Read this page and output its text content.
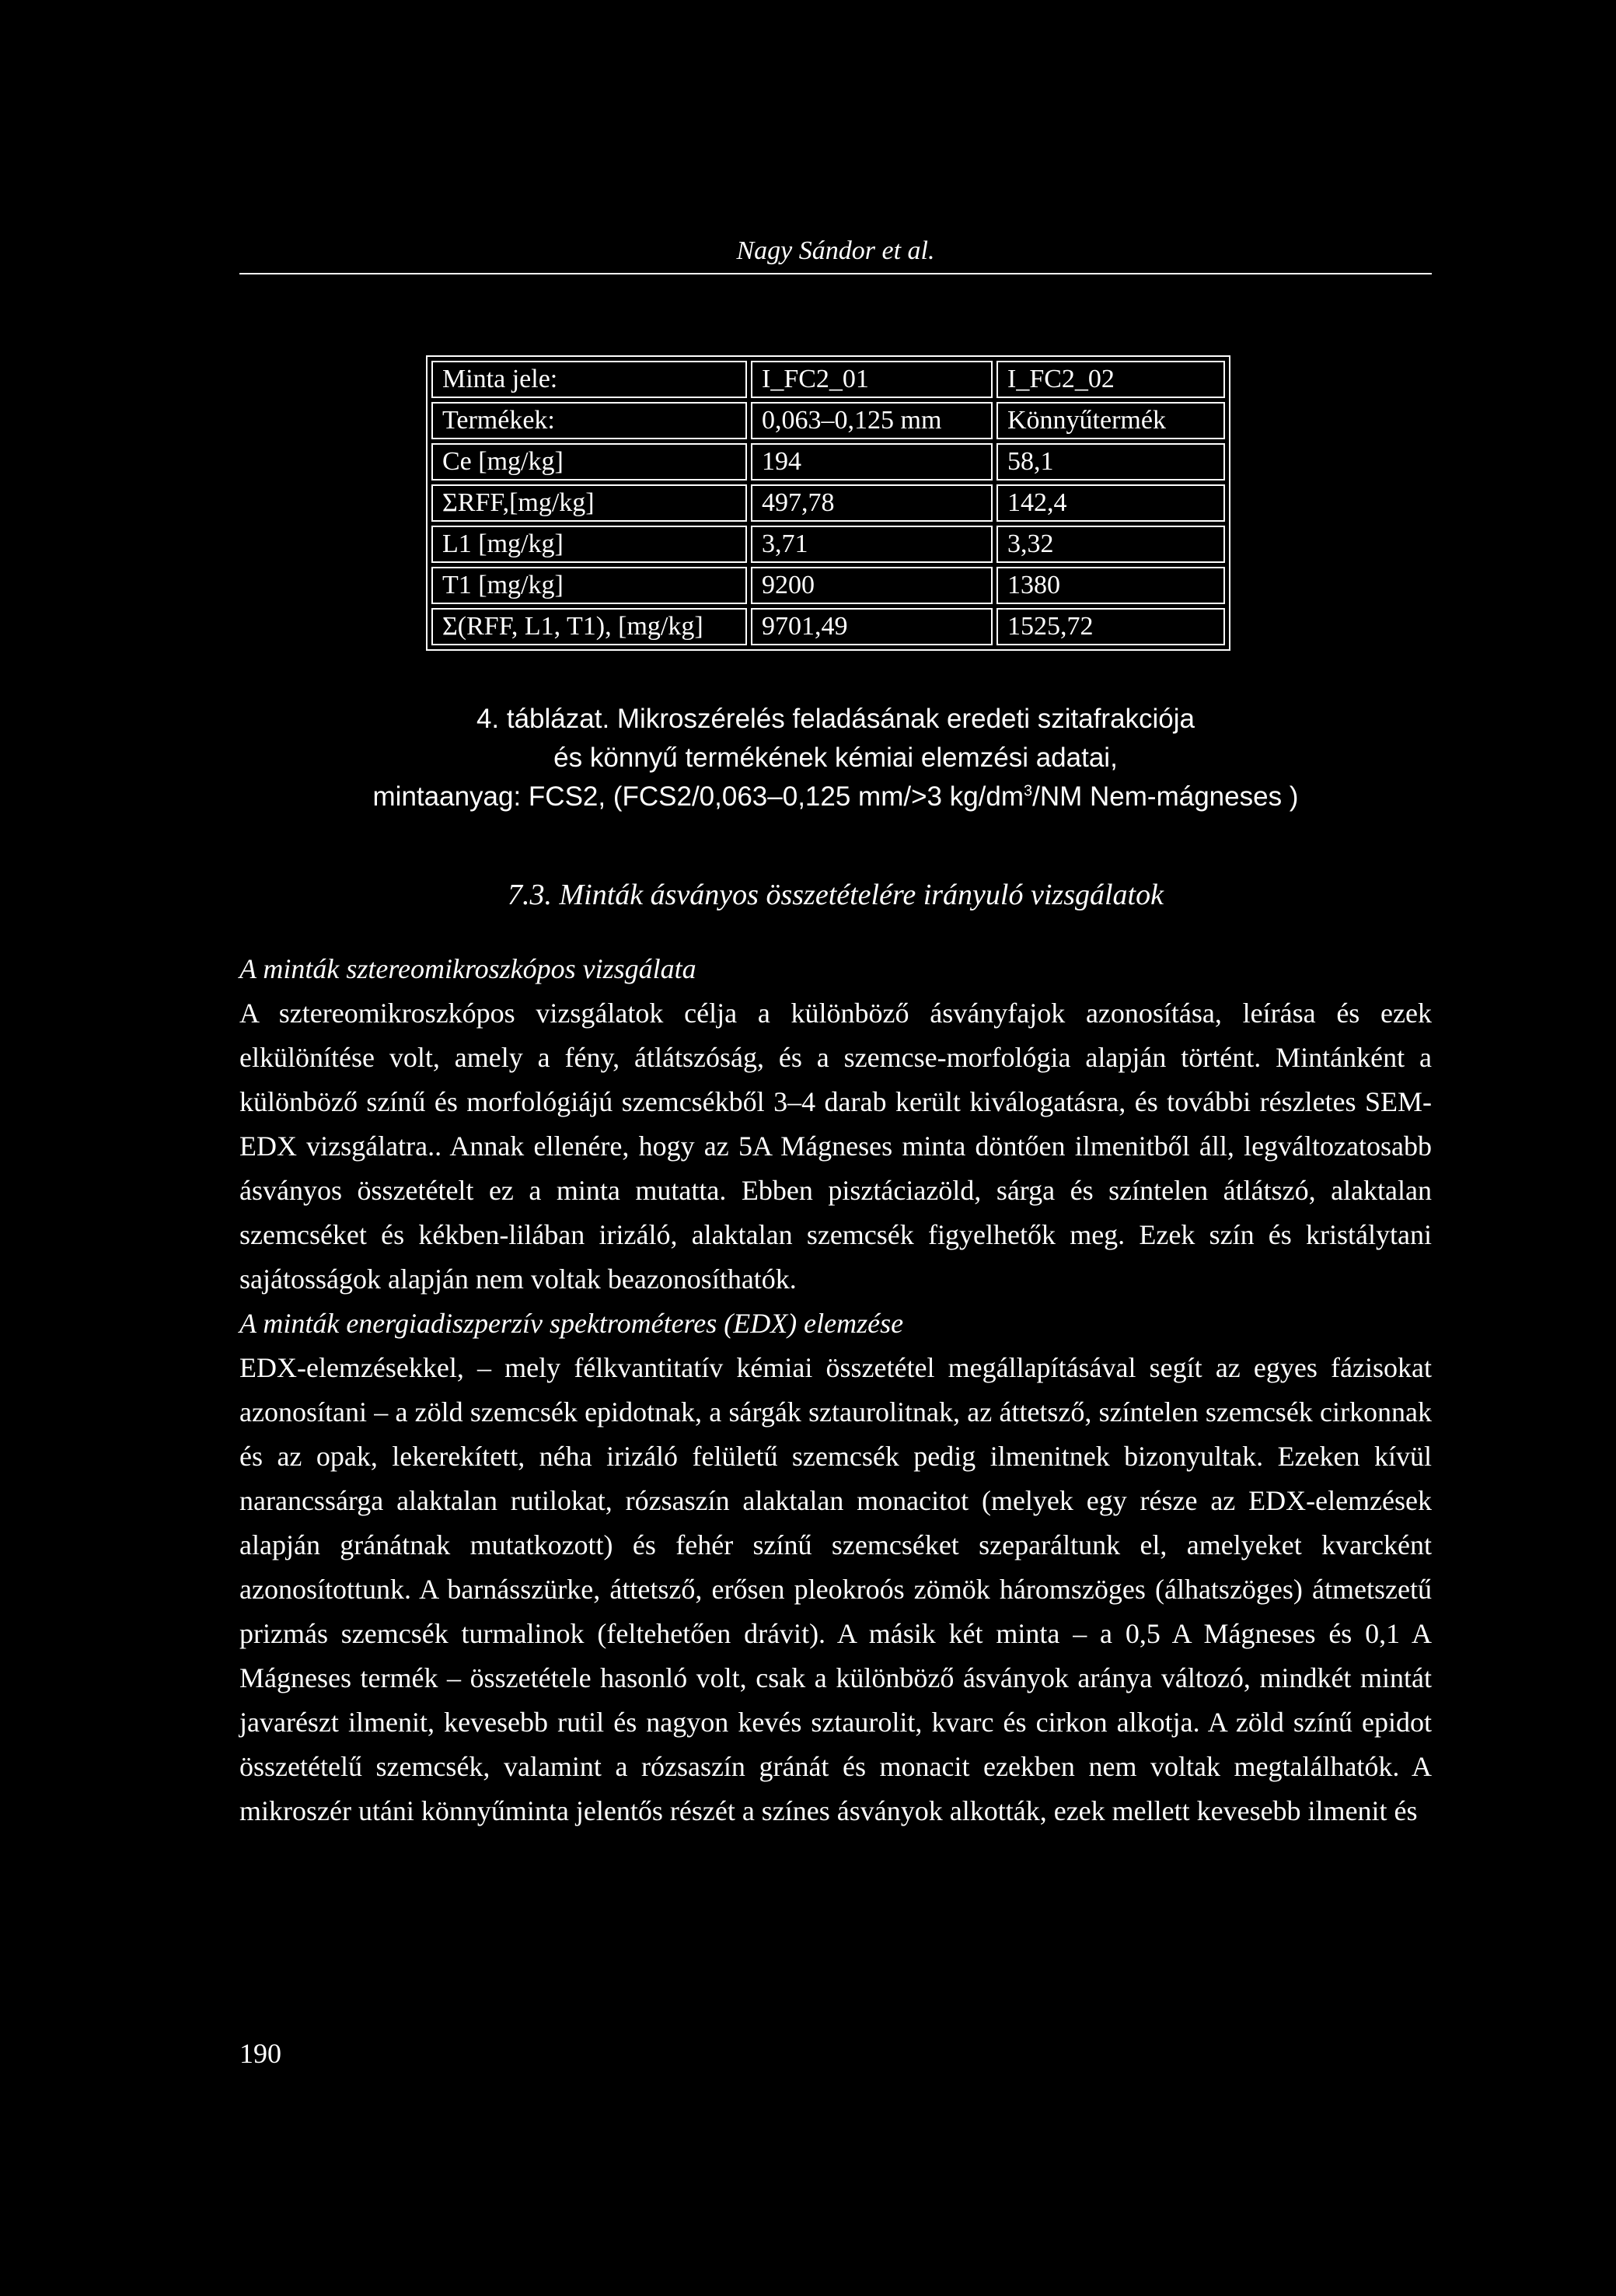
Nagy Sándor et al.
Minta jele:	I_FC2_01	I_FC2_02
Termékek:	0,063–0,125 mm	Könnyűtermék
Ce [mg/kg]	194	58,1
ΣRFF,[mg/kg]	497,78	142,4
L1 [mg/kg]	3,71	3,32
T1 [mg/kg]	9200	1380
Σ(RFF, L1, T1), [mg/kg]	9701,49	1525,72
4. táblázat. Mikroszérelés feladásának eredeti szitafrakciója
és könnyű termékének kémiai elemzési adatai,
mintaanyag: FCS2, (FCS2/0,063–0,125 mm/>3 $kg/dm^3/NM$ Nem-mágneses )
7.3. Minták ásványos összetételére irányuló vizsgálatok

A minták sztereomikroszkópos vizsgálata

A sztereomikroszkópos vizsgálatok célja a különböző ásványfajok azonosítása, leírása és ezek elkülönítése volt, amely a fény, átlátszóság, és a szemcse-morfológia alapján történt. Mintánként a különböző színű és morfológiájú szemcsékből 3–4 darab került kiválogatásra, és további részletes SEM-EDX vizsgálatra.. Annak ellenére, hogy az 5A Mágneses minta döntően ilmenitből áll, legváltozatosabb ásványos összetételt ez a minta mutatta. Ebben pisztáciazöld, sárga és színtelen átlátszó, alaktalan szemcséket és kékben-lilában irizáló, alaktalan szemcsék figyelhetők meg. Ezek szín és kristálytani sajátosságok alapján nem voltak beazonosíthatók.

A minták energiadiszperzív spektrométeres (EDX) elemzése

EDX-elemzésekkel, – mely félkvantitatív kémiai összetétel megállapításával segít az egyes fázisokat azonosítani – a zöld szemcsék epidotnak, a sárgák sztaurolitnak, az áttetsző, színtelen szemcsék cirkonnak és az opak, lekerekített, néha irizáló felületű szemcsék pedig ilmenitnek bizonyultak. Ezeken kívül narancssárga alaktalan rutilokat, rózsaszín alaktalan monacitot (melyek egy része az EDX-elemzések alapján gránátnak mutatkozott) és fehér színű szemcséket szeparáltunk el, amelyeket kvarcként azonosítottunk. A barnásszürke, áttetsző, erősen pleokroós zömök háromszöges (álhatszöges) átmetszetű prizmás szemcsék turmalinok (feltehetően drávit). A másik két minta – a 0,5 A Mágneses és 0,1 A Mágneses termék – összetétele hasonló volt, csak a különböző ásványok aránya változó, mindkét mintát javarészt ilmenit, kevesebb rutil és nagyon kevés sztaurolit, kvarc és cirkon alkotja. A zöld színű epidot összetételű szemcsék, valamint a rózsaszín gránát és monacit ezekben nem voltak megtalálhatók. A mikroszér utáni könnyűminta jelentős részét a színes ásványok alkották, ezek mellett kevesebb ilmenit és

190
